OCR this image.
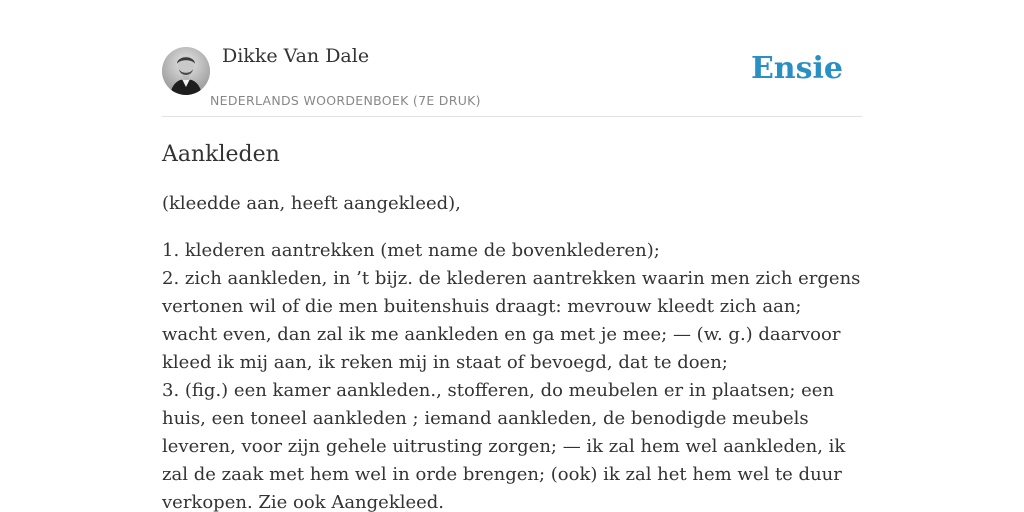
Dikke Van Dale
NEDERLANDS WOORDENBOEK (7E DRUK)
Ensie
Aankleden

(kleedde aan, heeft aangekleed),

1. klederen aantrekken (met name de bovenklederen);
2. zich aankleden, in ’t bijz. de klederen aantrekken waarin men zich ergens vertonen wil of die men buitenshuis draagt: mevrouw kleedt zich aan; wacht even, dan zal ik me aankleden en ga met je mee; — (w. g.) daarvoor kleed ik mij aan, ik reken mij in staat of bevoegd, dat te doen;
3. (fig.) een kamer aankleden., stofferen, do meubelen er in plaatsen; een huis, een toneel aankleden ; iemand aankleden, de benodigde meubels leveren, voor zijn gehele uitrusting zorgen; — ik zal hem wel aankleden, ik zal de zaak met hem wel in orde brengen; (ook) ik zal het hem wel te duur verkopen. Zie ook Aangekleed.
